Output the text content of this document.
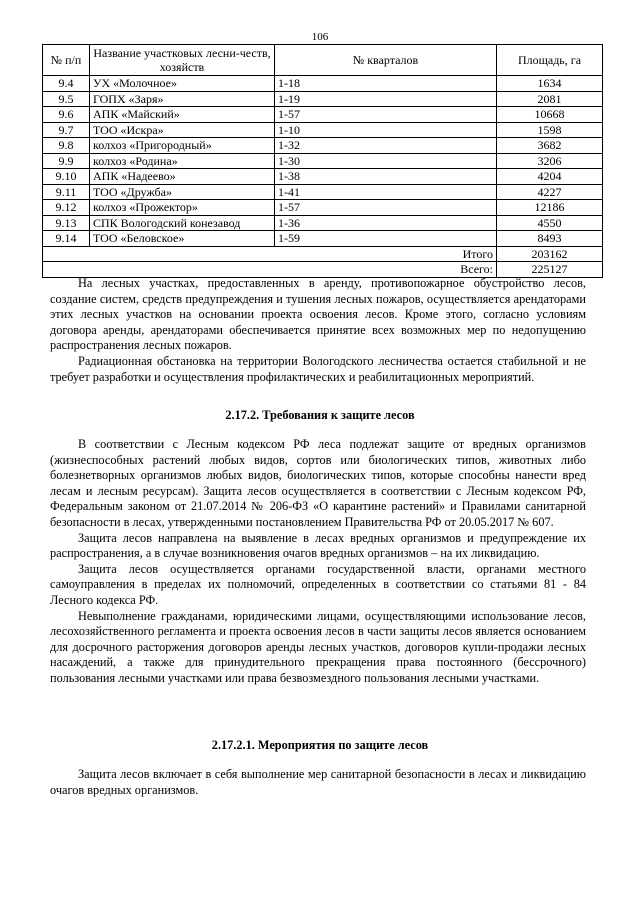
106
№ п/п	Название участковых лесни-честв, хозяйств	№ кварталов	Площадь, га
9.4	УХ «Молочное»	1-18	1634
9.5	ГОПХ «Заря»	1-19	2081
9.6	АПК «Майский»	1-57	10668
9.7	ТОО «Искра»	1-10	1598
9.8	колхоз «Пригородный»	1-32	3682
9.9	колхоз «Родина»	1-30	3206
9.10	АПК «Надеево»	1-38	4204
9.11	ТОО «Дружба»	1-41	4227
9.12	колхоз «Прожектор»	1-57	12186
9.13	СПК Вологодский конезавод	1-36	4550
9.14	ТОО «Беловское»	1-59	8493
Итого			203162
Всего:			225127

На лесных участках, предоставленных в аренду, противопожарное обустройство лесов, создание систем, средств предупреждения и тушения лесных пожаров, осуществляется арендаторами этих лесных участков на основании проекта освоения лесов. Кроме этого, согласно условиям договора аренды, арендаторами обеспечивается принятие всех возможных мер по недопущению распространения лесных пожаров.

Радиационная обстановка на территории Вологодского лесничества остается стабильной и не требует разработки и осуществления профилактических и реабилитационных мероприятий.

2.17.2. Требования к защите лесов

В соответствии с Лесным кодексом РФ леса подлежат защите от вредных организмов (жизнеспособных растений любых видов, сортов или биологических типов, животных либо болезнетворных организмов любых видов, биологических типов, которые способны нанести вред лесам и лесным ресурсам). Защита лесов осуществляется в соответствии с Лесным кодексом РФ, Федеральным законом от 21.07.2014 № 206-ФЗ «О карантине растений» и Правилами санитарной безопасности в лесах, утвержденными постановлением Правительства РФ от 20.05.2017 № 607.

Защита лесов направлена на выявление в лесах вредных организмов и предупреждение их распространения, а в случае возникновения очагов вредных организмов – на их ликвидацию.

Защита лесов осуществляется органами государственной власти, органами местного самоуправления в пределах их полномочий, определенных в соответствии со статьями 81 - 84 Лесного кодекса РФ.

Невыполнение гражданами, юридическими лицами, осуществляющими использование лесов, лесохозяйственного регламента и проекта освоения лесов в части защиты лесов является основанием для досрочного расторжения договоров аренды лесных участков, договоров купли-продажи лесных насаждений, а также для принудительного прекращения права постоянного (бессрочного) пользования лесными участками или права безвозмездного пользования лесными участками.

2.17.2.1. Мероприятия по защите лесов

Защита лесов включает в себя выполнение мер санитарной безопасности в лесах и ликвидацию очагов вредных организмов.
